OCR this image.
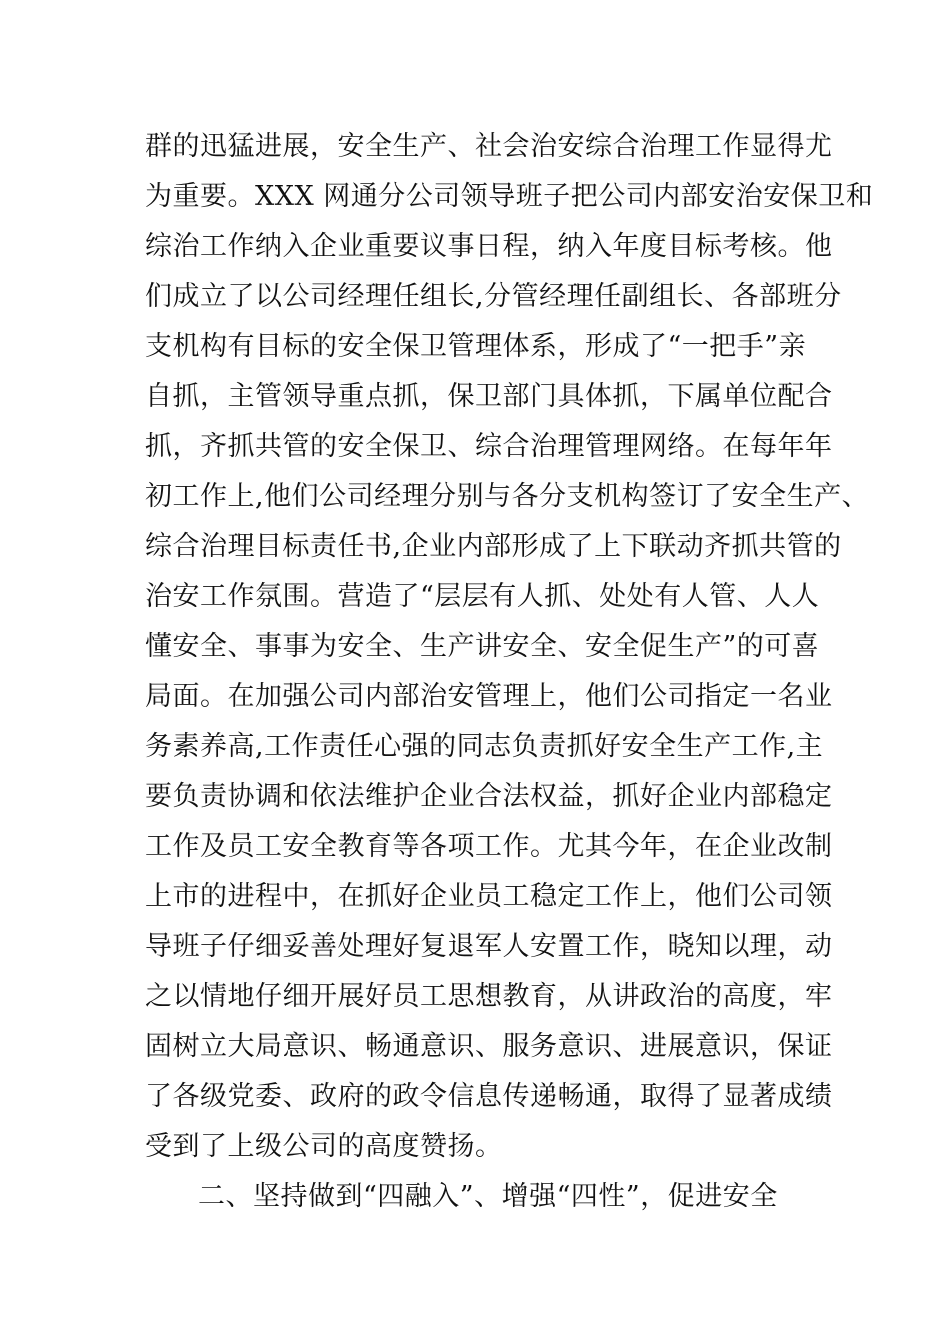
群的迅猛进展，安全生产、社会治安综合治理工作显得尤
为重要。XXX 网通分公司领导班子把公司内部安治安保卫和
综治工作纳入企业重要议事日程，纳入年度目标考核。他
们成立了以公司经理任组长,分管经理任副组长、各部班分
支机构有目标的安全保卫管理体系，形成了“一把手”亲
自抓，主管领导重点抓，保卫部门具体抓，下属单位配合
抓，齐抓共管的安全保卫、综合治理管理网络。在每年年
初工作上,他们公司经理分别与各分支机构签订了安全生产、
综合治理目标责任书,企业内部形成了上下联动齐抓共管的
治安工作氛围。营造了“层层有人抓、处处有人管、人人
懂安全、事事为安全、生产讲安全、安全促生产”的可喜
局面。在加强公司内部治安管理上，他们公司指定一名业
务素养高,工作责任心强的同志负责抓好安全生产工作,主
要负责协调和依法维护企业合法权益，抓好企业内部稳定
工作及员工安全教育等各项工作。尤其今年，在企业改制
上市的进程中，在抓好企业员工稳定工作上，他们公司领
导班子仔细妥善处理好复退军人安置工作，晓知以理，动
之以情地仔细开展好员工思想教育，从讲政治的高度，牢
固树立大局意识、畅通意识、服务意识、进展意识，保证
了各级党委、政府的政令信息传递畅通，取得了显著成绩
受到了上级公司的高度赞扬。
二、坚持做到“四融入”、增强“四性”，促进安全
